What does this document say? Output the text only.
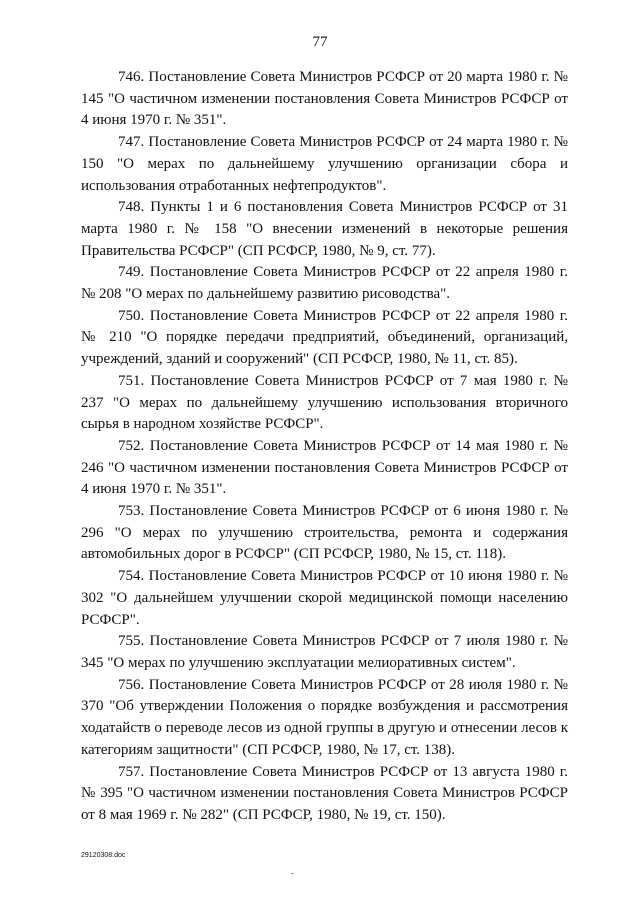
77

746. Постановление Совета Министров РСФСР от 20 марта 1980 г. № 145 "О частичном изменении постановления Совета Министров РСФСР от 4 июня 1970 г. № 351".

747. Постановление Совета Министров РСФСР от 24 марта 1980 г. № 150 "О мерах по дальнейшему улучшению организации сбора и использования отработанных нефтепродуктов".

748. Пункты 1 и 6 постановления Совета Министров РСФСР от 31 марта 1980 г. № 158 "О внесении изменений в некоторые решения Правительства РСФСР" (СП РСФСР, 1980, № 9, ст. 77).

749. Постановление Совета Министров РСФСР от 22 апреля 1980 г. № 208 "О мерах по дальнейшему развитию рисоводства".

750. Постановление Совета Министров РСФСР от 22 апреля 1980 г. № 210 "О порядке передачи предприятий, объединений, организаций, учреждений, зданий и сооружений" (СП РСФСР, 1980, № 11, ст. 85).

751. Постановление Совета Министров РСФСР от 7 мая 1980 г. № 237 "О мерах по дальнейшему улучшению использования вторичного сырья в народном хозяйстве РСФСР".

752. Постановление Совета Министров РСФСР от 14 мая 1980 г. № 246 "О частичном изменении постановления Совета Министров РСФСР от 4 июня 1970 г. № 351".

753. Постановление Совета Министров РСФСР от 6 июня 1980 г. № 296 "О мерах по улучшению строительства, ремонта и содержания автомобильных дорог в РСФСР" (СП РСФСР, 1980, № 15, ст. 118).

754. Постановление Совета Министров РСФСР от 10 июня 1980 г. № 302 "О дальнейшем улучшении скорой медицинской помощи населению РСФСР".

755. Постановление Совета Министров РСФСР от 7 июля 1980 г. № 345 "О мерах по улучшению эксплуатации мелиоративных систем".

756. Постановление Совета Министров РСФСР от 28 июля 1980 г. № 370 "Об утверждении Положения о порядке возбуждения и рассмотрения ходатайств о переводе лесов из одной группы в другую и отнесении лесов к категориям защитности" (СП РСФСР, 1980, № 17, ст. 138).

757. Постановление Совета Министров РСФСР от 13 августа 1980 г. № 395 "О частичном изменении постановления Совета Министров РСФСР от 8 мая 1969 г. № 282" (СП РСФСР, 1980, № 19, ст. 150).

29120308.doc
